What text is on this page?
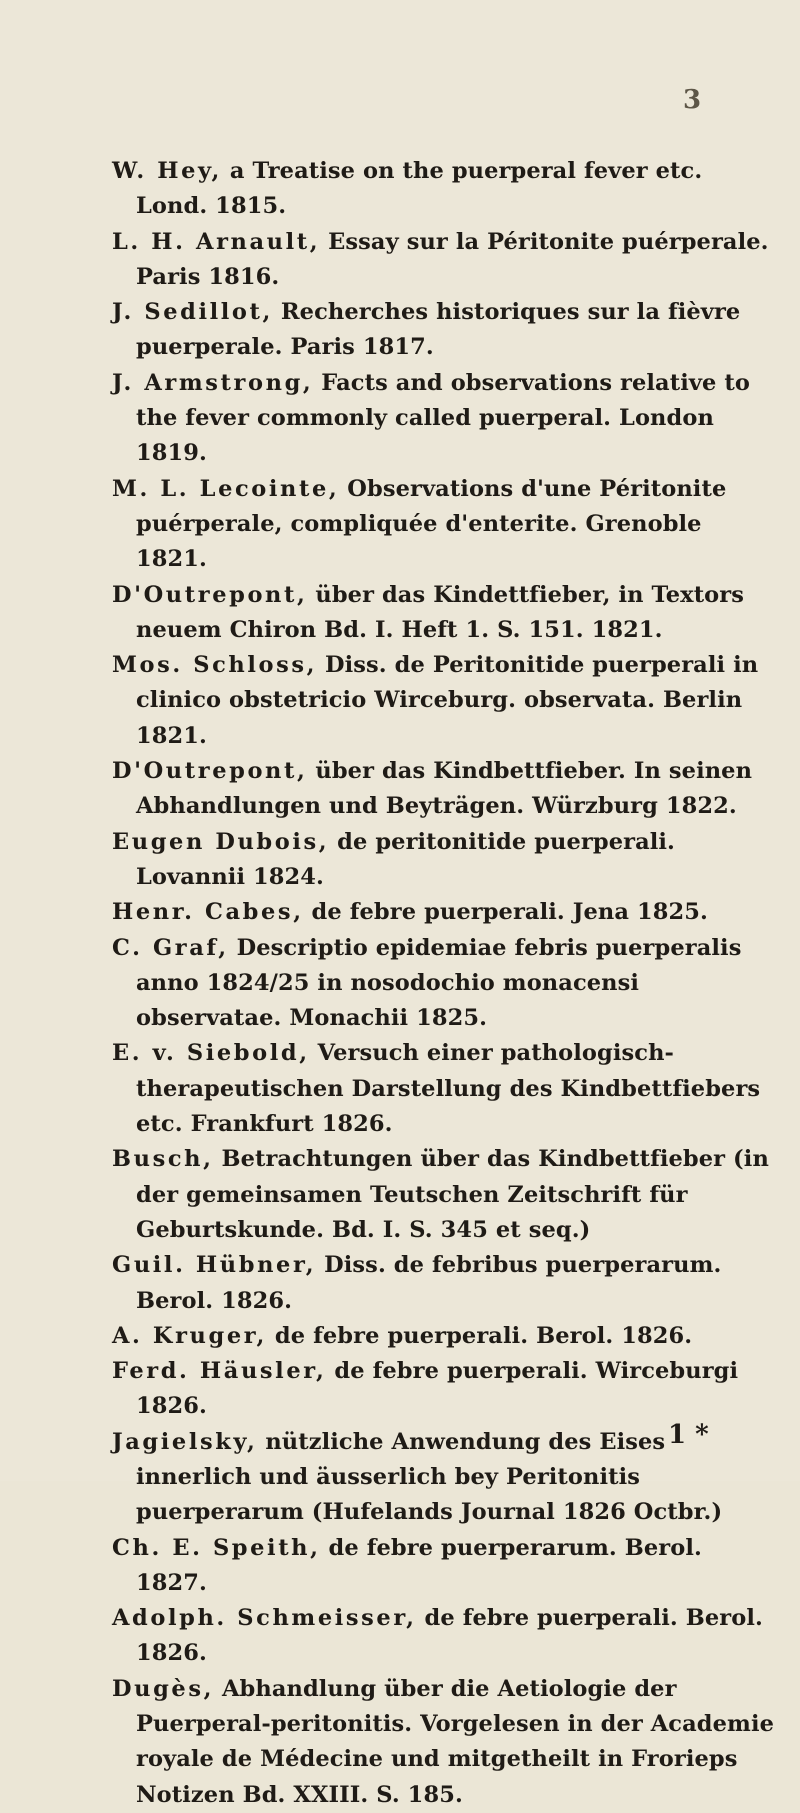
3
W. Hey, a Treatise on the puerperal fever etc. Lond. 1815.
L. H. Arnault, Essay sur la Péritonite puérperale. Paris 1816.
J. Sedillot, Recherches historiques sur la fièvre puerperale. Paris 1817.
J. Armstrong, Facts and observations relative to the fever commonly called puerperal. London 1819.
M. L. Lecointe, Observations d'une Péritonite puérperale, compliquée d'enterite. Grenoble 1821.
D'Outrepont, über das Kindettfieber, in Textors neuem Chiron Bd. I. Heft 1. S. 151. 1821.
Mos. Schloss, Diss. de Peritonitide puerperali in clinico obstetricio Wirceburg. observata. Berlin 1821.
D'Outrepont, über das Kindbettfieber. In seinen Abhandlungen und Beyträgen. Würzburg 1822.
Eugen Dubois, de peritonitide puerperali. Lovannii 1824.
Henr. Cabes, de febre puerperali. Jena 1825.
C. Graf, Descriptio epidemiae febris puerperalis anno 1824/25 in nosodochio monacensi observatae. Monachii 1825.
E. v. Siebold, Versuch einer pathologisch-therapeutischen Darstellung des Kindbettfiebers etc. Frankfurt 1826.
Busch, Betrachtungen über das Kindbettfieber (in der gemeinsamen Teutschen Zeitschrift für Geburtskunde. Bd. I. S. 345 et seq.)
Guil. Hübner, Diss. de febribus puerperarum. Berol. 1826.
A. Kruger, de febre puerperali. Berol. 1826.
Ferd. Häusler, de febre puerperali. Wirceburgi 1826.
Jagielsky, nützliche Anwendung des Eises innerlich und äusserlich bey Peritonitis puerperarum (Hufelands Journal 1826 Octbr.)
Ch. E. Speith, de febre puerperarum. Berol. 1827.
Adolph. Schmeisser, de febre puerperali. Berol. 1826.
Dugès, Abhandlung über die Aetiologie der Puerperal-peritonitis. Vorgelesen in der Academie royale de Médecine und mitgetheilt in Frorieps Notizen Bd. XXIII. S. 185.
1 *
